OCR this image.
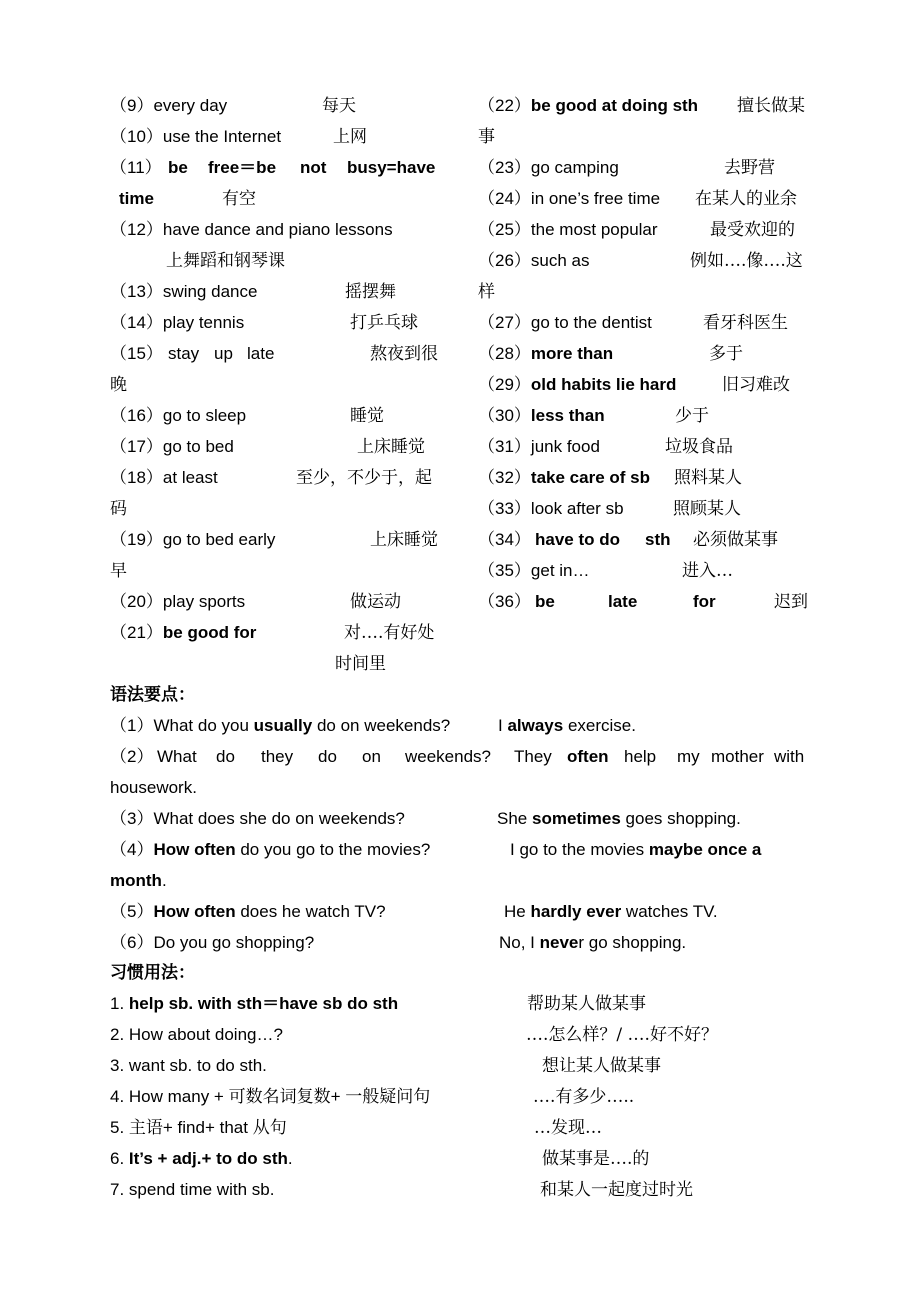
（9）every day	每天
（10）use the Internet	上网
（11） be free＝be not busy=have
time	有空
（12）have dance and piano lessons
上舞蹈和钢琴课
（13）swing dance	摇摆舞
（14）play tennis	打乒乓球
（15） stay up late	熬夜到很
晚
（16）go to sleep	睡觉
（17）go to bed	上床睡觉
（18）at least	至少，不少于，起
码
（19）go to bed early	上床睡觉
早
（20）play sports	做运动
（21）be good for	对….有好处
时间里
（22）be good at doing sth 擅长做某
事
（23）go camping	去野营
（24）in one’s free time 在某人的业余
（25）the most popular	最受欢迎的
（26）such as	例如….像….这
样
（27）go to the dentist	看牙科医生
（28）more than	多于
（29）old habits lie hard	旧习难改
（30）less than	少于
（31）junk food	垃圾食品
（32）take care of sb 照料某人
（33）look after sb	照顾某人
（34） have to do sth 必须做某事
（35）get in…	进入…
（36） be	late	for	迟到
语法要点：
（1）What do you usually do on weekends?	I always exercise.
（2） What do they do on weekends? They often help my mother with
housework.
（3）What does she do on weekends?	She sometimes goes shopping.
（4）How often do you go to the movies?	I go to the movies maybe once a
month.
（5）How often does he watch TV?	He hardly ever watches TV.
（6）Do you go shopping?	No, I never go shopping.
习惯用法：
1. help sb. with sth＝have sb do sth	帮助某人做某事
2. How about doing…?	….怎么样？/ ….好不好？
3. want sb. to do sth.	想让某人做某事
4. How many + 可数名词复数+ 一般疑问句	….有多少…..
5. 主语+ find+ that 从句	…发现…
6. It’s + adj.+ to do sth.	做某事是….的
7. spend time with sb.	和某人一起度过时光
